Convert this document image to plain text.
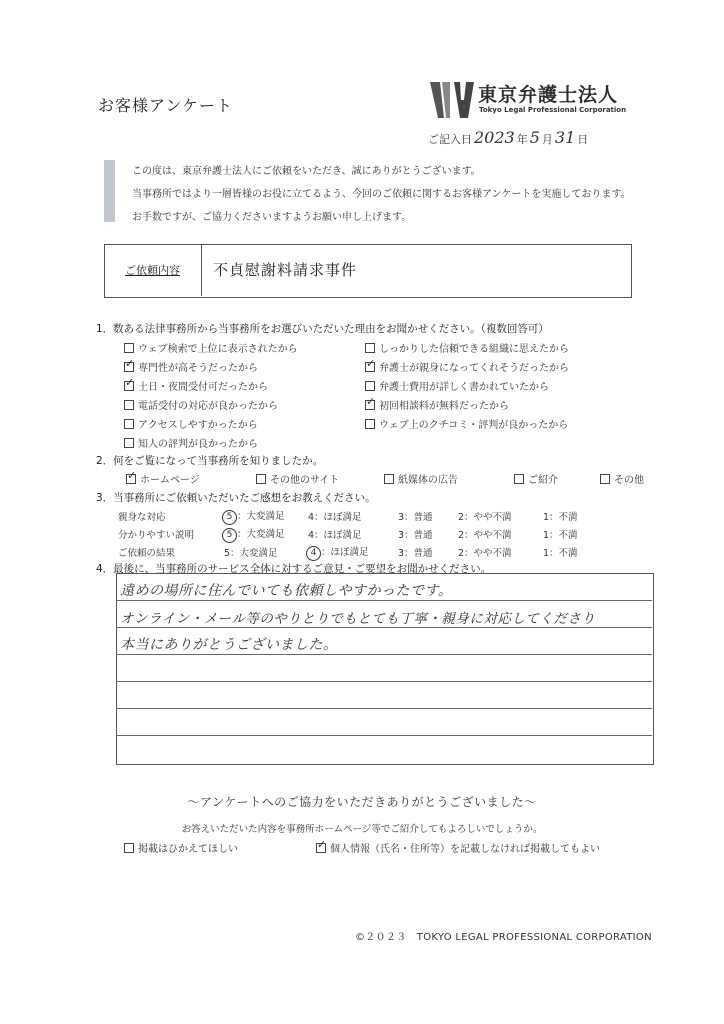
お客様アンケート	東京弁護士法人
Tokyo Legal Professional Corporation
ご記入日 2023 年 5 月 31 日
この度は、東京弁護士法人にご依頼をいただき、誠にありがとうございます。
当事務所ではより一層皆様のお役に立てるよう、今回のご依頼に関するお客様アンケートを実施しております。
お手数ですが、ご協力くださいますようお願い申し上げます。
ご依頼内容 不貞慰謝料請求事件
1．数ある法律事務所から当事務所をお選びいただいた理由をお聞かせください。（複数回答可）
ウェブ検索で上位に表示されたから	しっかりした信頼できる組織に思えたから
✓専門性が高そうだったから ✓	弁護士が親身になってくれそうだったから
✓土日・夜間受付可だったから	弁護士費用が詳しく書かれていたから
電話受付の対応が良かったから ✓	初回相談料が無料だったから
アクセスしやすかったから	ウェブ上のクチコミ・評判が良かったから
知人の評判が良かったから
2．何をご覧になって当事務所を知りましたか。
✓ホームページ	その他のサイト	紙媒体の広告	ご紹介	その他
3．当事務所にご依頼いただいたご感想をお教えください。
親身な対応	5 ：大変満足 4：ほぼ満足	3：普通	2：やや不満	1：不満
分かりやすい説明	5 ：大変満足 4：ほぼ満足	3：普通	2：やや不満	1：不満
ご依頼の結果	5：大変満足	4 ：ほぼ満足	3：普通	2：やや不満	1：不満
4．最後に、当事務所のサービス全体に対するご意見・ご要望をお聞かせください。
遠めの場所に住んでいても依頼しやすかったです。
オンライン・メール等のやりとりでもとても丁寧・親身に対応してくださり
本当にありがとうございました。
〜アンケートへのご協力をいただきありがとうございました〜
お答えいただいた内容を事務所ホームページ等でご紹介してもよろしいでしょうか。
掲載はひかえてほしい ✓	個人情報（氏名・住所等）を記載しなければ掲載してもよい
©２０２３　TOKYO LEGAL PROFESSIONAL CORPORATION
